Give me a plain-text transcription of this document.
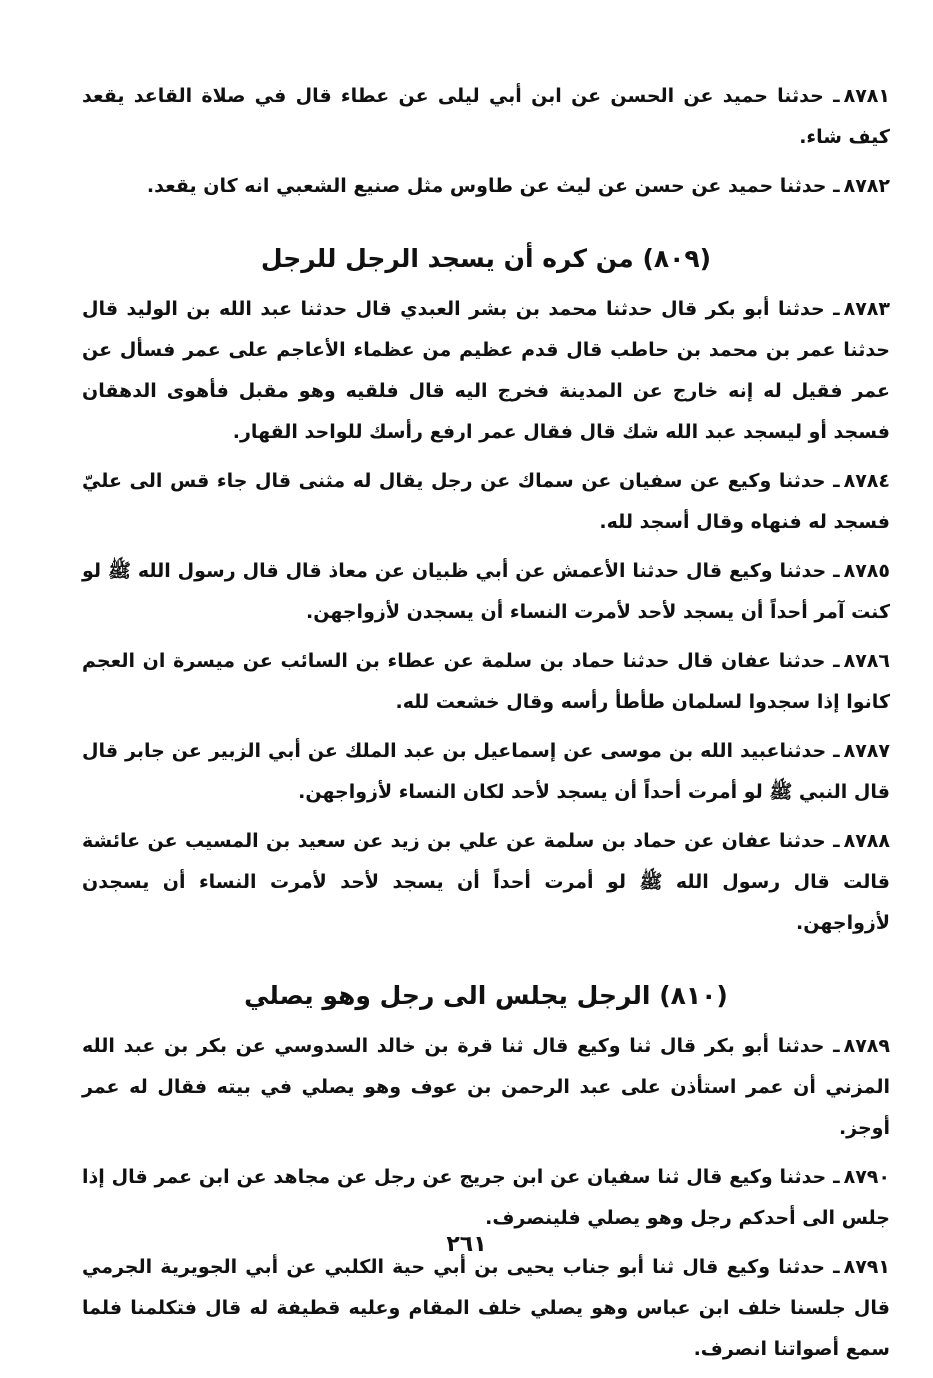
٨٧٨١ـ حدثنا حميد عن الحسن عن ابن أبي ليلى عن عطاء قال في صلاة القاعد يقعد كيف شاء.

٨٧٨٢ـ حدثنا حميد عن حسن عن ليث عن طاوس مثل صنيع الشعبي انه كان يقعد.

(٨٠٩) من كره أن يسجد الرجل للرجل

٨٧٨٣ـ حدثنا أبو بكر قال حدثنا محمد بن بشر العبدي قال حدثنا عبد الله بن الوليد قال حدثنا عمر بن محمد بن حاطب قال قدم عظيم من عظماء الأعاجم على عمر فسأل عن عمر فقيل له إنه خارج عن المدينة فخرج اليه قال فلقيه وهو مقبل فأهوى الدهقان فسجد أو ليسجد عبد الله شك قال فقال عمر ارفع رأسك للواحد القهار.

٨٧٨٤ـ حدثنا وكيع عن سفيان عن سماك عن رجل يقال له مثنى قال جاء قس الى عليّ فسجد له فنهاه وقال أسجد لله.

٨٧٨٥ـ حدثنا وكيع قال حدثنا الأعمش عن أبي ظبيان عن معاذ قال قال رسول الله ﷺ لو كنت آمر أحداً أن يسجد لأحد لأمرت النساء أن يسجدن لأزواجهن.

٨٧٨٦ـ حدثنا عفان قال حدثنا حماد بن سلمة عن عطاء بن السائب عن ميسرة ان العجم كانوا إذا سجدوا لسلمان طأطأ رأسه وقال خشعت لله.

٨٧٨٧ـ حدثناعبيد الله بن موسى عن إسماعيل بن عبد الملك عن أبي الزبير عن جابر قال قال النبي ﷺ لو أمرت أحداً أن يسجد لأحد لكان النساء لأزواجهن.

٨٧٨٨ـ حدثنا عفان عن حماد بن سلمة عن علي بن زيد عن سعيد بن المسيب عن عائشة قالت قال رسول الله ﷺ لو أمرت أحداً أن يسجد لأحد لأمرت النساء أن يسجدن لأزواجهن.

(٨١٠) الرجل يجلس الى رجل وهو يصلي

٨٧٨٩ـ حدثنا أبو بكر قال ثنا وكيع قال ثنا قرة بن خالد السدوسي عن بكر بن عبد الله المزني أن عمر استأذن على عبد الرحمن بن عوف وهو يصلي في بيته فقال له عمر أوجز.

٨٧٩٠ـ حدثنا وكيع قال ثنا سفيان عن ابن جريج عن رجل عن مجاهد عن ابن عمر قال إذا جلس الى أحدكم رجل وهو يصلي فلينصرف.

٨٧٩١ـ حدثنا وكيع قال ثنا أبو جناب يحيى بن أبي حية الكلبي عن أبي الجويرية الجرمي قال جلسنا خلف ابن عباس وهو يصلي خلف المقام وعليه قطيفة له قال فتكلمنا فلما سمع أصواتنا انصرف.

٢٦١
